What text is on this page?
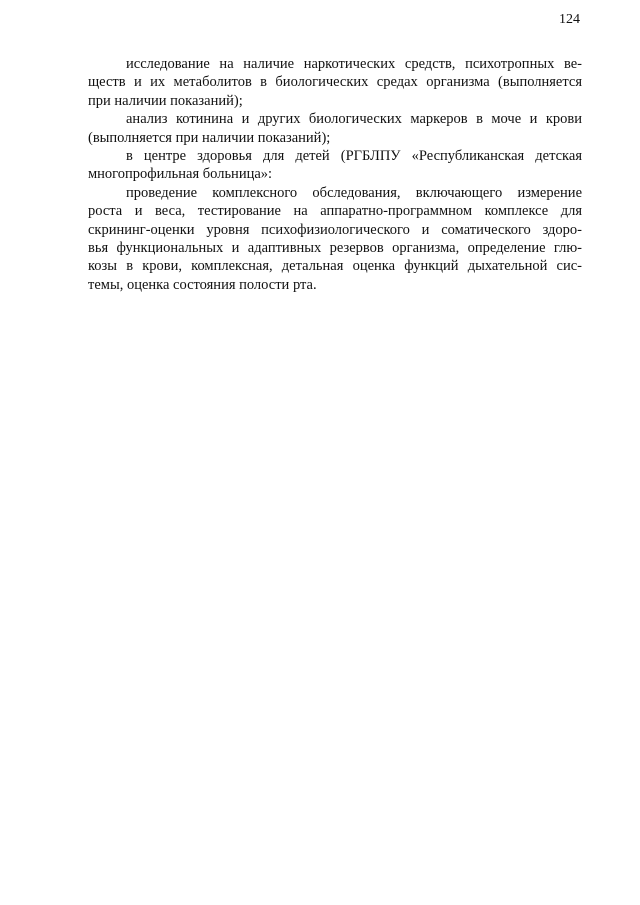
124
исследование на наличие наркотических средств, психотропных ве-
ществ и их метаболитов в биологических средах организма (выполняется
при наличии показаний);
анализ котинина и других биологических маркеров в моче и крови
(выполняется при наличии показаний);
в центре здоровья для детей (РГБЛПУ «Республиканская детская
многопрофильная больница»:
проведение комплексного обследования, включающего измерение
роста и веса, тестирование на аппаратно-программном комплексе для
скрининг-оценки уровня психофизиологического и соматического здоро-
вья функциональных и адаптивных резервов организма, определение глю-
козы в крови, комплексная, детальная оценка функций дыхательной сис-
темы, оценка состояния полости рта.
